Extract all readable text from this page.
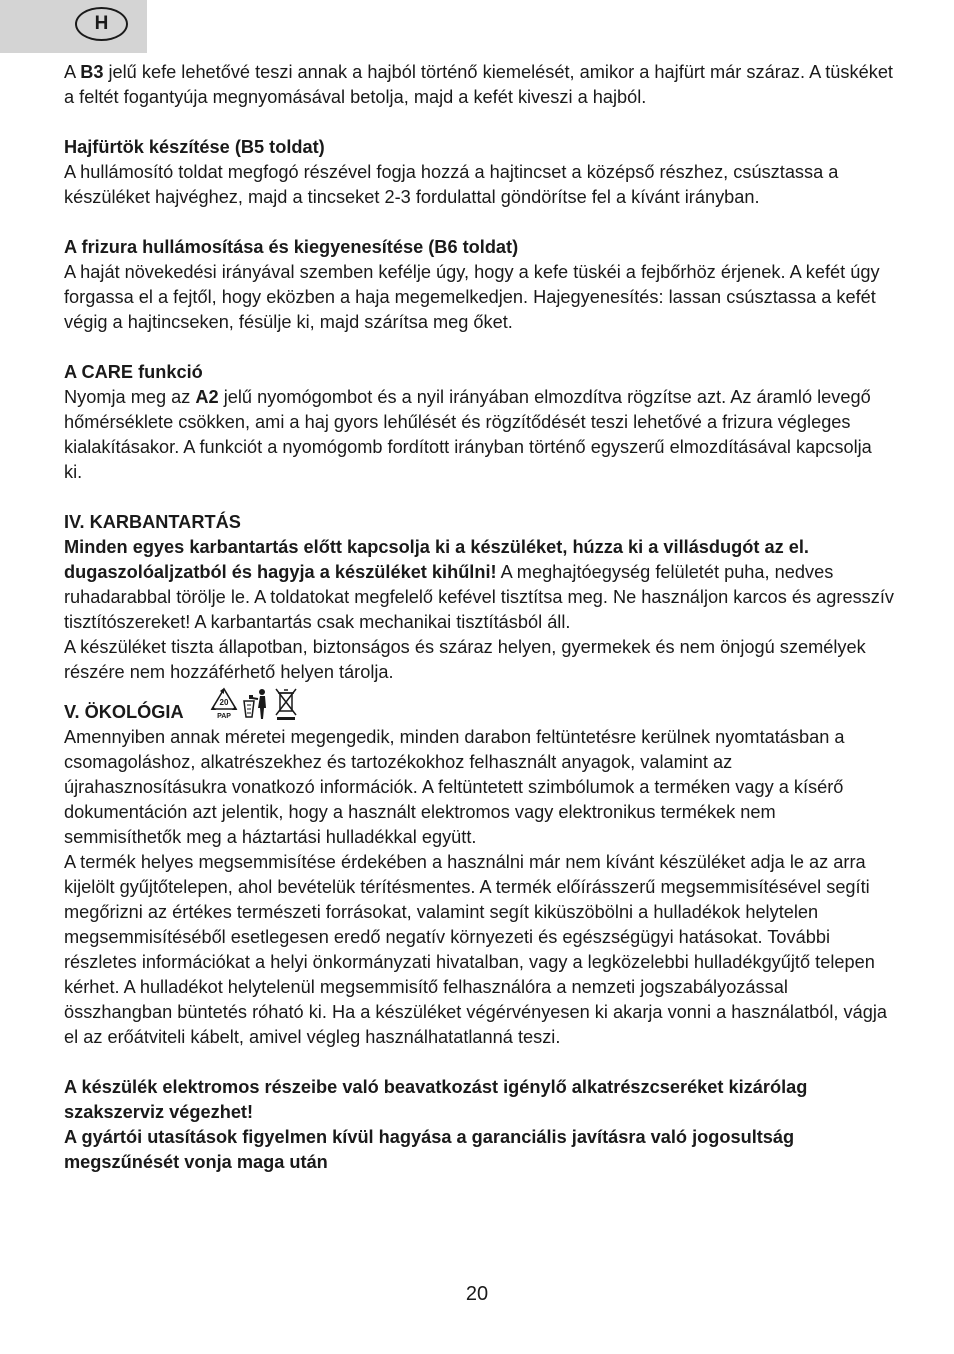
H

A B3 jelű kefe lehetővé teszi annak a hajból történő kiemelését, amikor a hajfürt már száraz. A tüskéket a feltét fogantyúja megnyomásával betolja, majd a kefét kiveszi a hajból.

Hajfürtök készítése (B5 toldat)

A hullámosító toldat megfogó részével fogja hozzá a hajtincset a középső részhez, csúsztassa a készüléket hajvéghez, majd a tincseket 2-3 fordulattal göndörítse fel a kívánt irányban.

A frizura hullámosítása és kiegyenesítése (B6 toldat)

A haját növekedési irányával szemben kefélje úgy, hogy a kefe tüskéi a fejbőrhöz érjenek. A kefét úgy forgassa el a fejtől, hogy eközben a haja megemelkedjen. Hajegyenesítés: lassan csúsztassa a kefét végig a hajtincseken, fésülje ki, majd szárítsa meg őket.

A CARE funkció

Nyomja meg az A2 jelű nyomógombot és a nyil irányában elmozdítva rögzítse azt. Az áramló levegő hőmérséklete csökken, ami a haj gyors lehűlését és rögzítődését teszi lehetővé a frizura végleges kialakításakor. A funkciót a nyomógomb fordított irányban történő egyszerű elmozdításával kapcsolja ki.

IV. KARBANTARTÁS

Minden egyes karbantartás előtt kapcsolja ki a készüléket, húzza ki a villásdugót az el. dugaszolóaljzatból és hagyja a készüléket kihűlni! A meghajtóegység felületét puha, nedves ruhadarabbal törölje le. A toldatokat megfelelő kefével tisztítsa meg. Ne használjon karcos és agresszív tisztítószereket! A karbantartás csak mechanikai tisztításból áll.

A készüléket tiszta állapotban, biztonságos és száraz helyen, gyermekek és nem önjogú személyek részére nem hozzáférhető helyen tárolja.

V. ÖKOLÓGIA	20
PAP

Amennyiben annak méretei megengedik, minden darabon feltüntetésre kerülnek nyomtatásban a csomagoláshoz, alkatrészekhez és tartozékokhoz felhasznált anyagok, valamint az újrahasznosításukra vonatkozó információk. A feltüntetett szimbólumok a terméken vagy a kísérő dokumentáción azt jelentik, hogy a használt elektromos vagy elektronikus termékek nem semmisíthetők meg a háztartási hulladékkal együtt.

A termék helyes megsemmisítése érdekében a használni már nem kívánt készüléket adja le az arra kijelölt gyűjtőtelepen, ahol bevételük térítésmentes. A termék előírásszerű megsemmisítésével segíti megőrizni az értékes természeti forrásokat, valamint segít kiküszöbölni a hulladékok helytelen megsemmisítéséből esetlegesen eredő negatív környezeti és egészségügyi hatásokat. További részletes információkat a helyi önkormányzati hivatalban, vagy a legközelebbi hulladékgyűjtő telepen kérhet. A hulladékot helytelenül megsemmisítő felhasználóra a nemzeti jogszabályozással összhangban büntetés róható ki. Ha a készüléket végérvényesen ki akarja vonni a használatból, vágja el az erőátviteli kábelt, amivel végleg használhatatlanná teszi.

A készülék elektromos részeibe való beavatkozást igénylő alkatrészcseréket kizárólag szakszerviz végezhet!

A gyártói utasítások figyelmen kívül hagyása a garanciális javításra való jogosultság megszűnését vonja maga után

20
